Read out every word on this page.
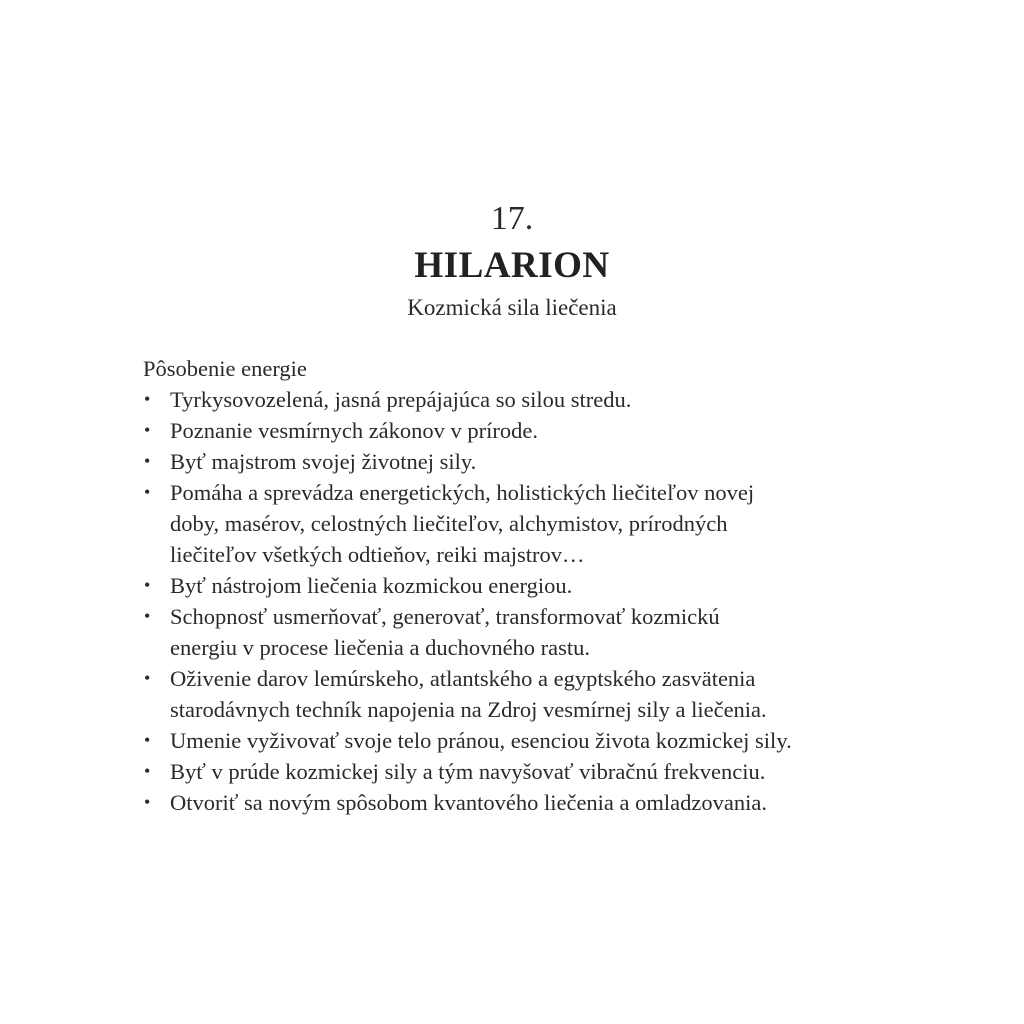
17.
HILARION
Kozmická sila liečenia

Pôsobenie energie

• Tyrkysovozelená, jasná prepájajúca so silou stredu.
• Poznanie vesmírnych zákonov v prírode.
• Byť majstrom svojej životnej sily.
• Pomáha a sprevádza energetických, holistických liečiteľov novej
doby, masérov, celostných liečiteľov, alchymistov, prírodných
liečiteľov všetkých odtieňov, reiki majstrov…
• Byť nástrojom liečenia kozmickou energiou.
• Schopnosť usmerňovať, generovať, transformovať kozmickú
energiu v procese liečenia a duchovného rastu.
• Oživenie darov lemúrskeho, atlantského a egyptského zasvätenia
starodávnych techník napojenia na Zdroj vesmírnej sily a liečenia.
• Umenie vyživovať svoje telo pránou, esenciou života kozmickej sily.
• Byť v prúde kozmickej sily a tým navyšovať vibračnú frekvenciu.
• Otvoriť sa novým spôsobom kvantového liečenia a omladzovania.
